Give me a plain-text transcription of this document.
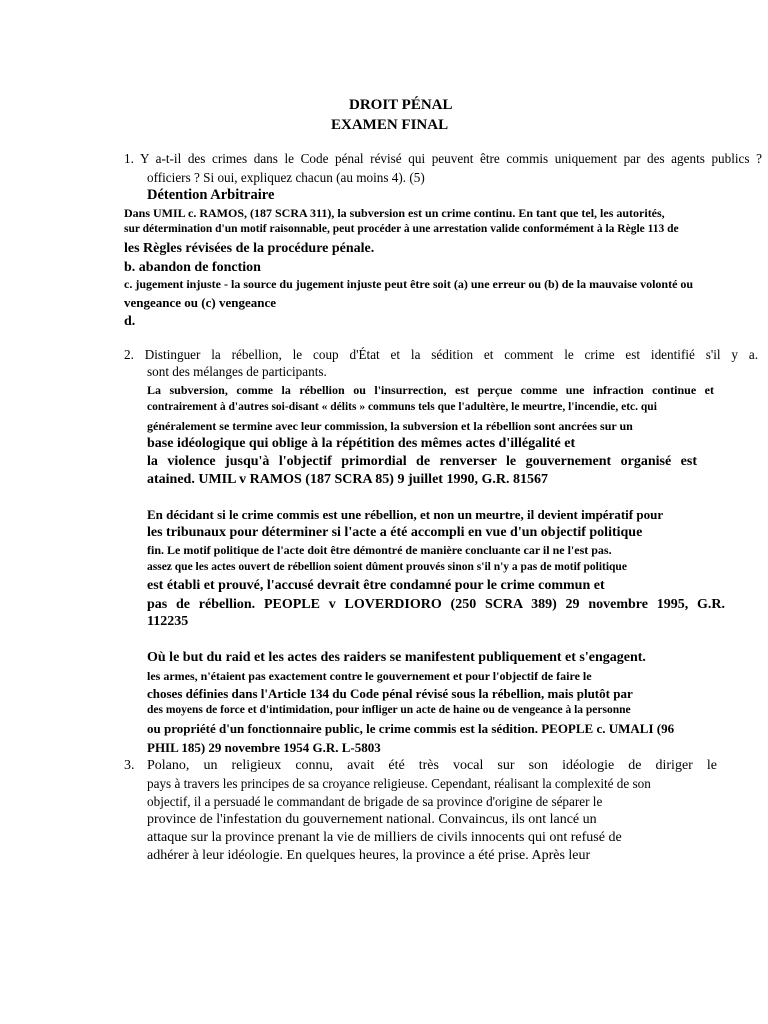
DROIT PÉNAL
EXAMEN FINAL
1. Y a-t-il des crimes dans le Code pénal révisé qui peuvent être commis uniquement par des agents publics ?
officiers ? Si oui, expliquez chacun (au moins 4). (5)
Détention Arbitraire
Dans UMIL c. RAMOS, (187 SCRA 311), la subversion est un crime continu. En tant que tel, les autorités,
sur détermination d'un motif raisonnable, peut procéder à une arrestation valide conformément à la Règle 113 de
les Règles révisées de la procédure pénale.
b. abandon de fonction
c. jugement injuste - la source du jugement injuste peut être soit (a) une erreur ou (b) de la mauvaise volonté ou
vengeance ou (c) vengeance
d.
2. Distinguer la rébellion, le coup d'État et la sédition et comment le crime est identifié s'il y a.
sont des mélanges de participants.
La subversion, comme la rébellion ou l'insurrection, est perçue comme une infraction continue et
contrairement à d'autres soi-disant « délits » communs tels que l'adultère, le meurtre, l'incendie, etc. qui
généralement se termine avec leur commission, la subversion et la rébellion sont ancrées sur un
base idéologique qui oblige à la répétition des mêmes actes d'illégalité et
la violence jusqu'à l'objectif primordial de renverser le gouvernement organisé est
atained. UMIL v RAMOS (187 SCRA 85) 9 juillet 1990, G.R. 81567
En décidant si le crime commis est une rébellion, et non un meurtre, il devient impératif pour
les tribunaux pour déterminer si l'acte a été accompli en vue d'un objectif politique
fin. Le motif politique de l'acte doit être démontré de manière concluante car il ne l'est pas.
assez que les actes ouvert de rébellion soient dûment prouvés sinon s'il n'y a pas de motif politique
est établi et prouvé, l'accusé devrait être condamné pour le crime commun et
pas de rébellion. PEOPLE v LOVERDIORO (250 SCRA 389) 29 novembre 1995, G.R.
112235
Où le but du raid et les actes des raiders se manifestent publiquement et s'engagent.
les armes, n'étaient pas exactement contre le gouvernement et pour l'objectif de faire le
choses définies dans l'Article 134 du Code pénal révisé sous la rébellion, mais plutôt par
des moyens de force et d'intimidation, pour infliger un acte de haine ou de vengeance à la personne
ou propriété d'un fonctionnaire public, le crime commis est la sédition. PEOPLE c. UMALI (96
PHIL 185) 29 novembre 1954 G.R. L-5803
3. Polano, un religieux connu, avait été très vocal sur son idéologie de diriger le
pays à travers les principes de sa croyance religieuse. Cependant, réalisant la complexité de son
objectif, il a persuadé le commandant de brigade de sa province d'origine de séparer le
province de l'infestation du gouvernement national. Convaincus, ils ont lancé un
attaque sur la province prenant la vie de milliers de civils innocents qui ont refusé de
adhérer à leur idéologie. En quelques heures, la province a été prise. Après leur
